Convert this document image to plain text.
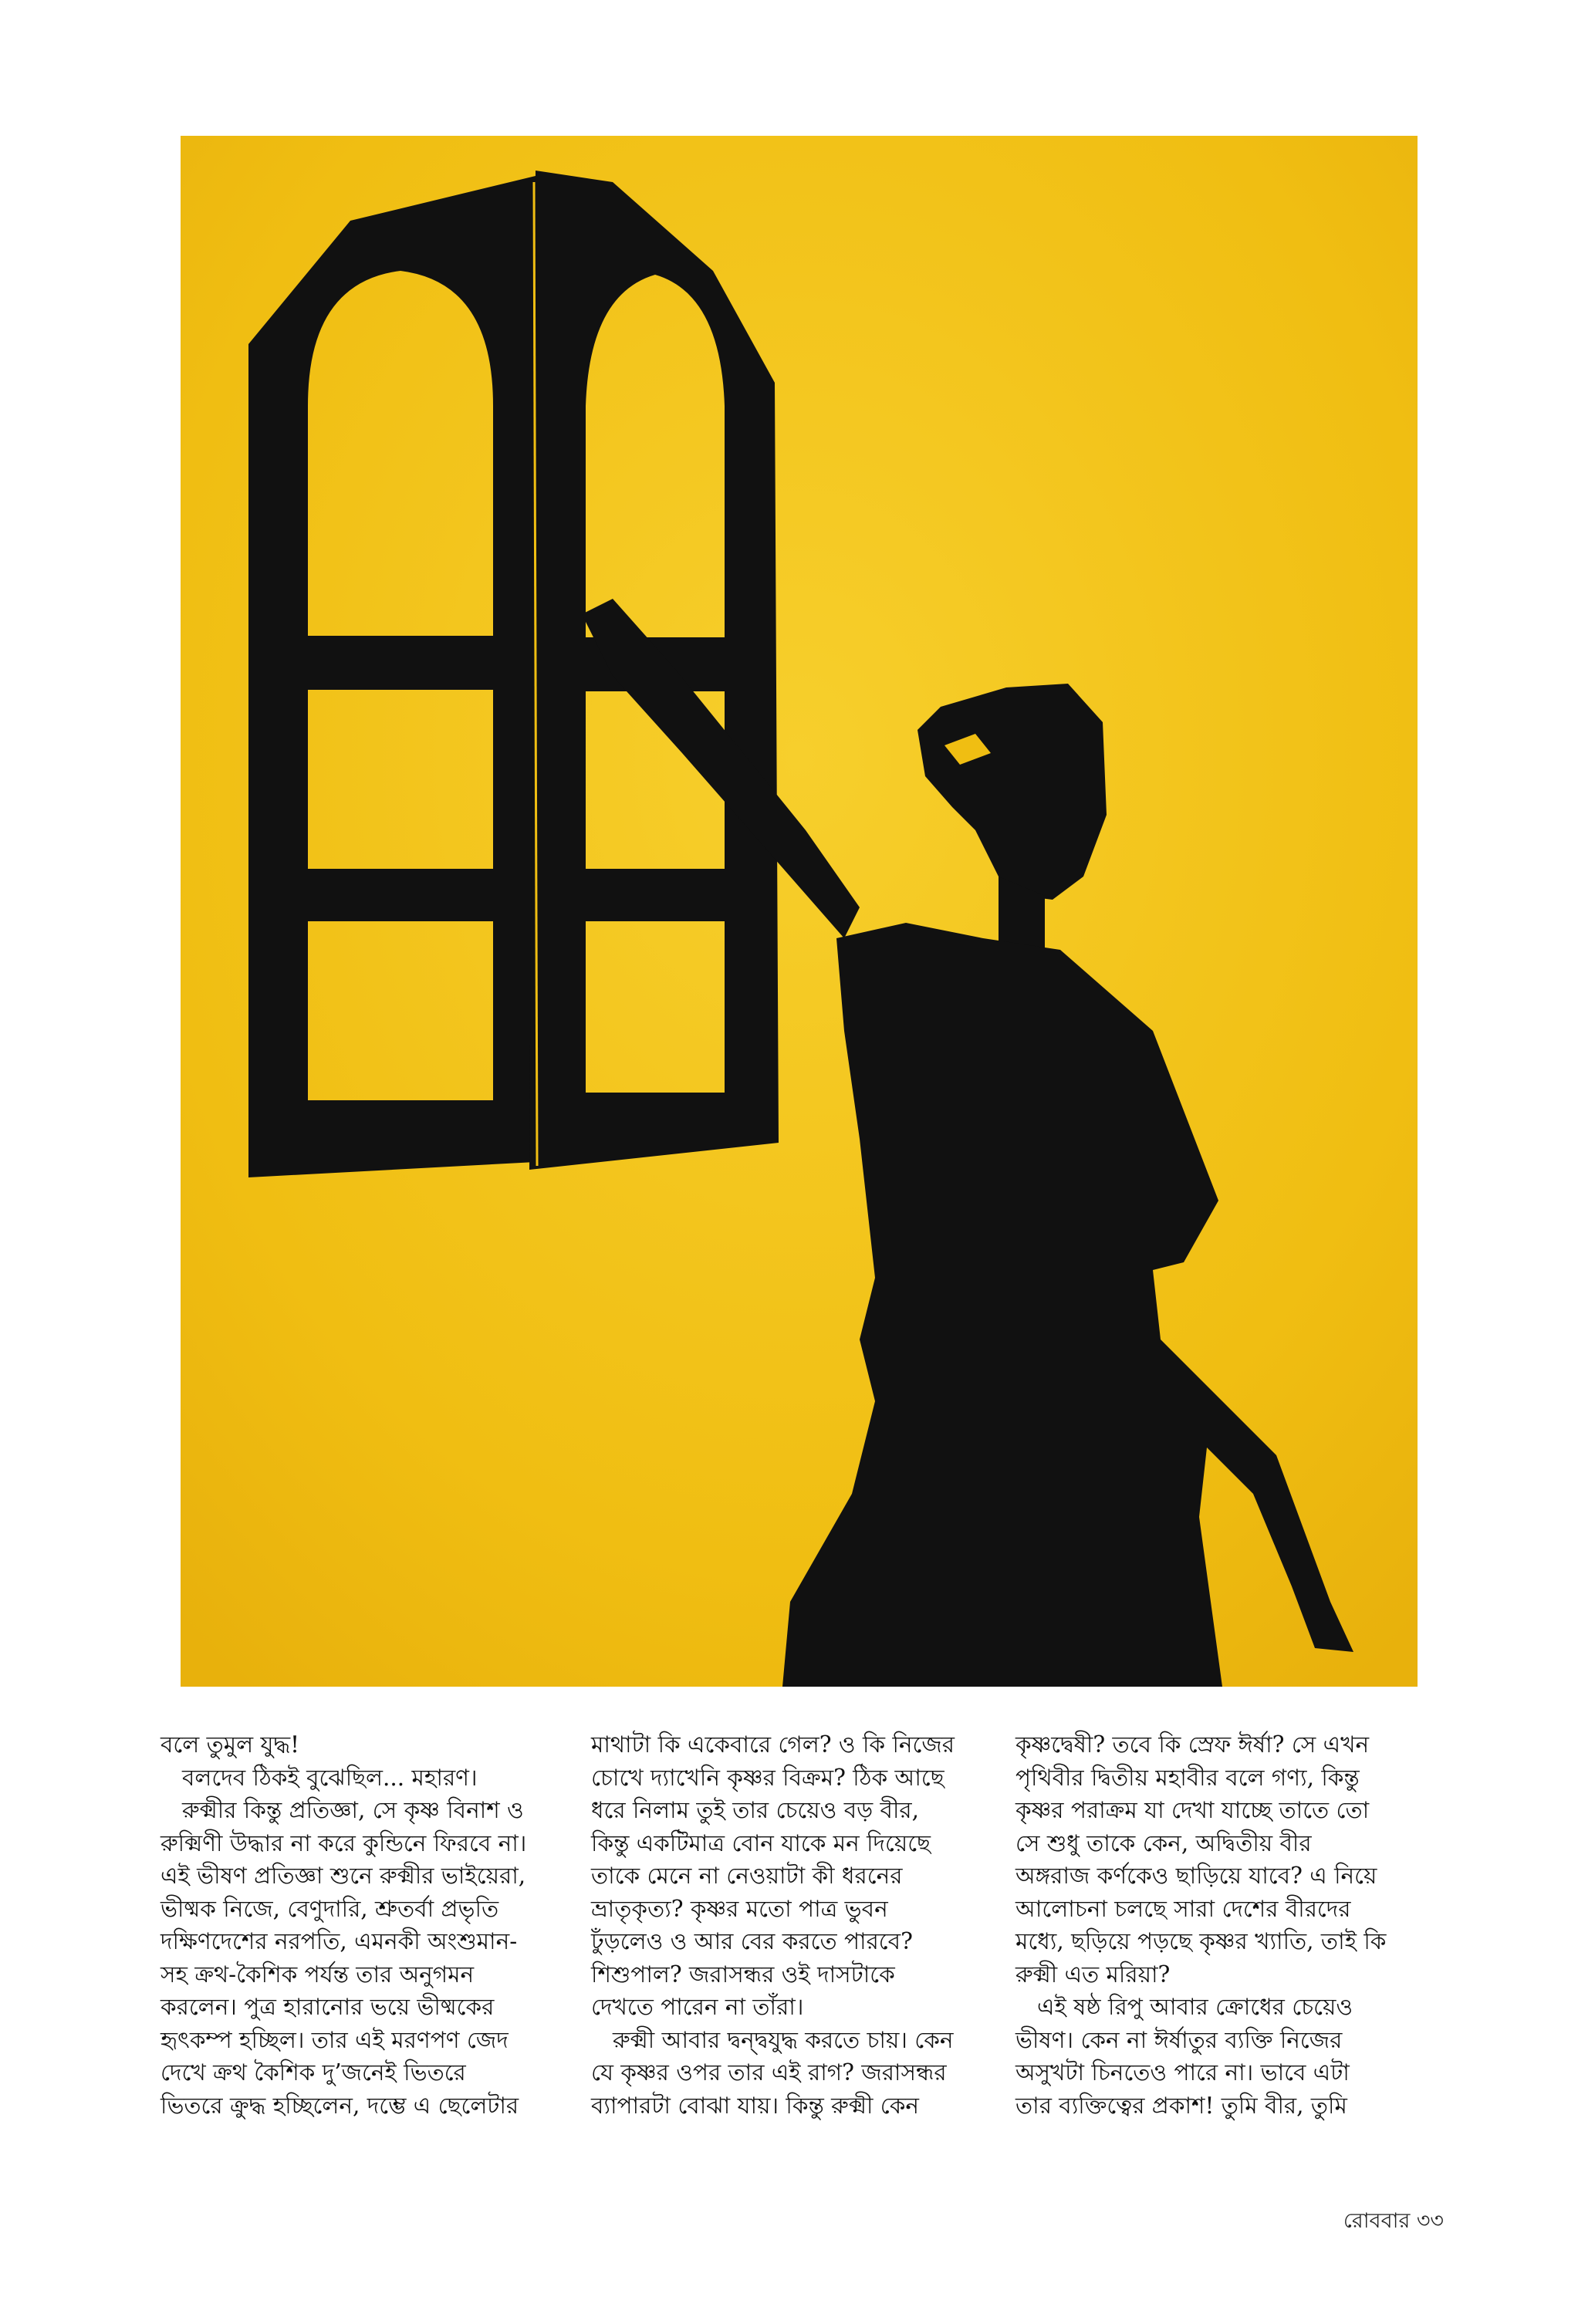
বলে তুমুল যুদ্ধ!

বলদেব ঠিকই বুঝেছিল... মহারণ।

রুক্মীর কিন্তু প্রতিজ্ঞা, সে কৃষ্ণ বিনাশ ও

রুক্মিণী উদ্ধার না করে কুন্ডিনে ফিরবে না।

এই ভীষণ প্রতিজ্ঞা শুনে রুক্মীর ভাইয়েরা,

ভীষ্মক নিজে, বেণুদারি, শ্রুতর্বা প্রভৃতি

দক্ষিণদেশের নরপতি, এমনকী অংশুমান-

সহ ক্রথ-কৈশিক পর্যন্ত তার অনুগমন

করলেন। পুত্র হারানোর ভয়ে ভীষ্মকের

হৃৎকম্প হচ্ছিল। তার এই মরণপণ জেদ

দেখে ক্রথ কৈশিক দু’জনেই ভিতরে

ভিতরে ক্রুদ্ধ হচ্ছিলেন, দম্ভে এ ছেলেটার

মাথাটা কি একেবারে গেল? ও কি নিজের

চোখে দ্যাখেনি কৃষ্ণর বিক্রম? ঠিক আছে

ধরে নিলাম তুই তার চেয়েও বড় বীর,

কিন্তু একটিমাত্র বোন যাকে মন দিয়েছে

তাকে মেনে না নেওয়াটা কী ধরনের

ভ্রাতৃকৃত্য? কৃষ্ণর মতো পাত্র ভুবন

ঢুঁড়লেও ও আর বের করতে পারবে?

শিশুপাল? জরাসন্ধর ওই দাসটাকে

দেখতে পারেন না তাঁরা।

রুক্মী আবার দ্বন্দ্বযুদ্ধ করতে চায়। কেন

যে কৃষ্ণর ওপর তার এই রাগ? জরাসন্ধর

ব্যাপারটা বোঝা যায়। কিন্তু রুক্মী কেন

কৃষ্ণদ্বেষী? তবে কি স্রেফ ঈর্ষা? সে এখন

পৃথিবীর দ্বিতীয় মহাবীর বলে গণ্য, কিন্তু

কৃষ্ণর পরাক্রম যা দেখা যাচ্ছে তাতে তো

সে শুধু তাকে কেন, অদ্বিতীয় বীর

অঙ্গরাজ কর্ণকেও ছাড়িয়ে যাবে? এ নিয়ে

আলোচনা চলছে সারা দেশের বীরদের

মধ্যে, ছড়িয়ে পড়ছে কৃষ্ণর খ্যাতি, তাই কি

রুক্মী এত মরিয়া?

এই ষষ্ঠ রিপু আবার ক্রোধের চেয়েও

ভীষণ। কেন না ঈর্ষাতুর ব্যক্তি নিজের

অসুখটা চিনতেও পারে না। ভাবে এটা

তার ব্যক্তিত্বের প্রকাশ! তুমি বীর, তুমি

রোববার ৩৩
